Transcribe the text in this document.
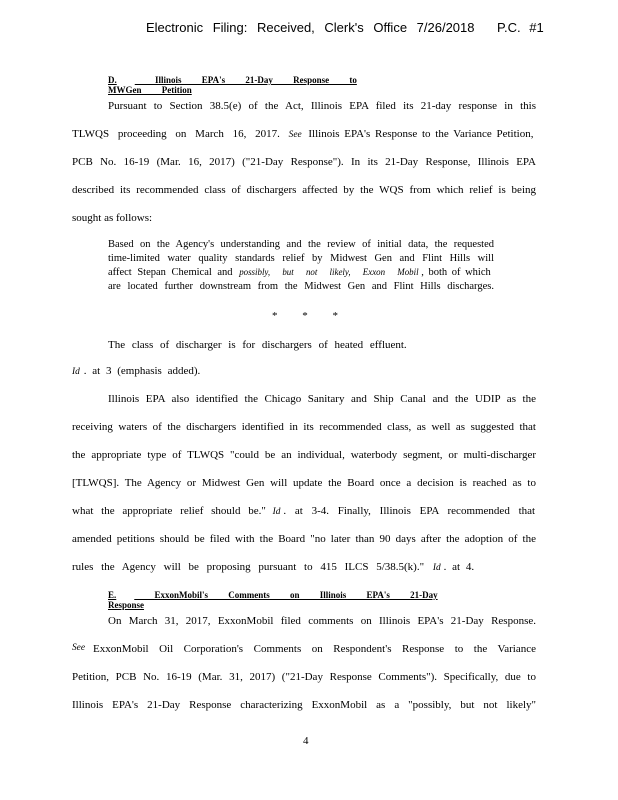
Electronic Filing: Received, Clerk's Office 7/26/2018 P.C. #1
D.	Illinois EPA's 21-Day Response to MWGen Petition
Pursuant to Section 38.5(e) of the Act, Illinois EPA filed its 21-day response in this
TLWQS proceeding on March 16, 2017. See Illinois EPA's Response to the Variance Petition,
PCB No. 16-19 (Mar. 16, 2017) ("21-Day Response"). In its 21-Day Response, Illinois EPA
described its recommended class of dischargers affected by the WQS from which relief is being
sought as follows:
Based on the Agency's understanding and the review of initial data, the requested
time-limited water quality standards relief by Midwest Gen and Flint Hills will
affect Stepan Chemical and possibly, but not likely, Exxon Mobil , both of which
are located further downstream from the Midwest Gen and Flint Hills discharges.
* * *
The class of discharger is for dischargers of heated effluent.
Id . at 3 (emphasis added).
Illinois EPA also identified the Chicago Sanitary and Ship Canal and the UDIP as the
receiving waters of the dischargers identified in its recommended class, as well as suggested that
the appropriate type of TLWQS "could be an individual, waterbody segment, or multi-discharger
[TLWQS]. The Agency or Midwest Gen will update the Board once a decision is reached as to
what the appropriate relief should be." Id . at 3-4. Finally, Illinois EPA recommended that
amended petitions should be filed with the Board "no later than 90 days after the adoption of the
rules the Agency will be proposing pursuant to 415 ILCS 5/38.5(k)." Id . at 4.
E.	ExxonMobil's Comments on Illinois EPA's 21-Day Response
On March 31, 2017, ExxonMobil filed comments on Illinois EPA's 21-Day Response.
See ExxonMobil Oil Corporation's Comments on Respondent's Response to the Variance
Petition, PCB No. 16-19 (Mar. 31, 2017) ("21-Day Response Comments"). Specifically, due to
Illinois EPA's 21-Day Response characterizing ExxonMobil as a "possibly, but not likely"
4
